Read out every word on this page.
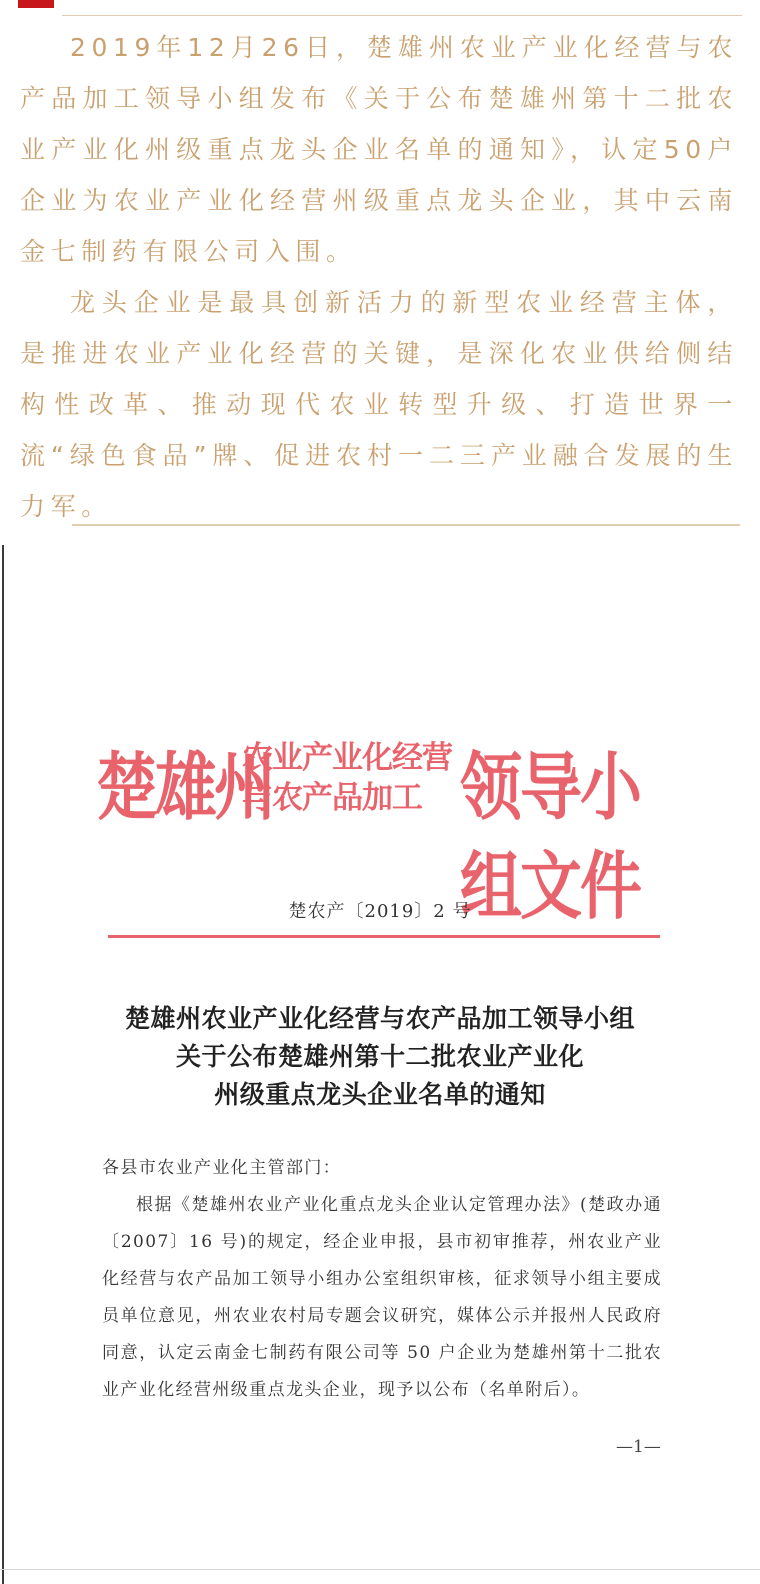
2019年12月26日，楚雄州农业产业化经营与农产品加工领导小组发布《关于公布楚雄州第十二批农业产业化州级重点龙头企业名单的通知》，认定50户企业为农业产业化经营州级重点龙头企业，其中云南金七制药有限公司入围。

龙头企业是最具创新活力的新型农业经营主体，是推进农业产业化经营的关键，是深化农业供给侧结构性改革、推动现代农业转型升级、打造世界一流“绿色食品”牌、促进农村一二三产业融合发展的生力军。

楚雄州
农业产业化经营
与农产品加工 领导小组文件
楚农产〔2019〕2 号
楚雄州农业产业化经营与农产品加工领导小组
关于公布楚雄州第十二批农业产业化
州级重点龙头企业名单的通知

各县市农业产业化主管部门：

根据《楚雄州农业产业化重点龙头企业认定管理办法》(楚政办通〔2007〕16 号)的规定，经企业申报，县市初审推荐，州农业产业化经营与农产品加工领导小组办公室组织审核，征求领导小组主要成员单位意见，州农业农村局专题会议研究，媒体公示并报州人民政府同意，认定云南金七制药有限公司等 50 户企业为楚雄州第十二批农业产业化经营州级重点龙头企业，现予以公布（名单附后）。

—1—
